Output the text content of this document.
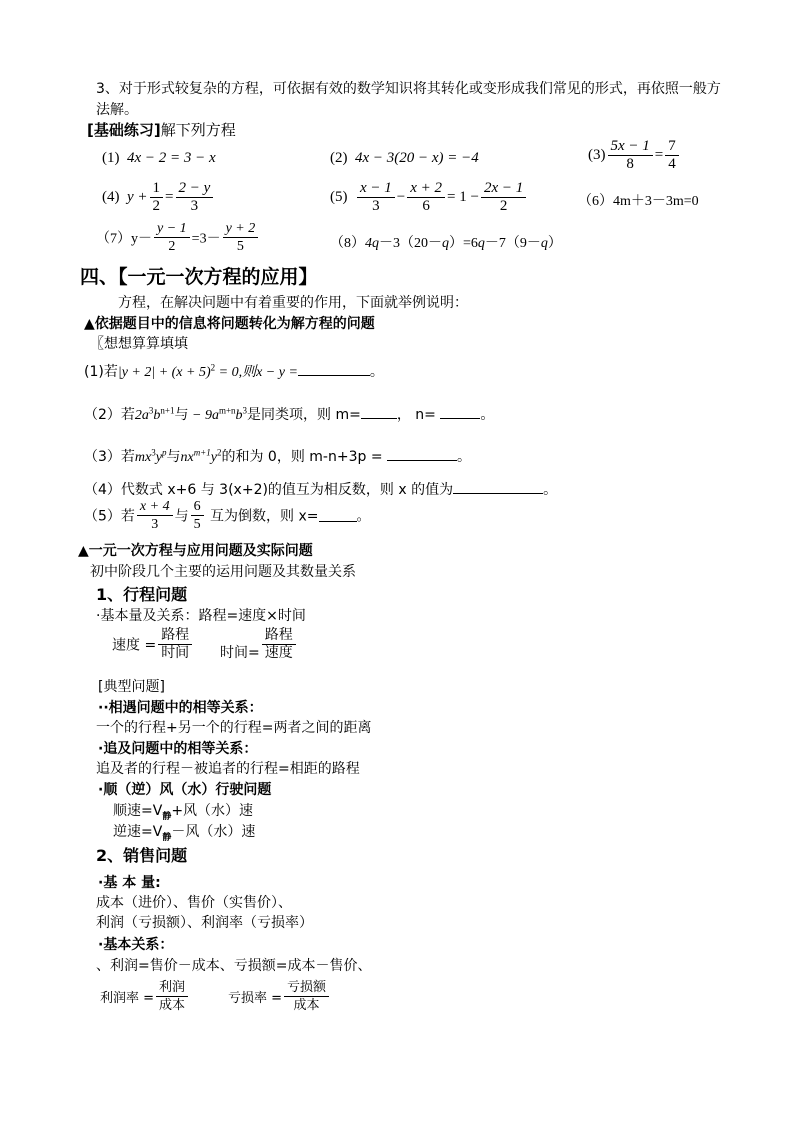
3、对于形式较复杂的方程，可依据有效的数学知识将其转化或变形成我们常见的形式，再依照一般方
法解。
[基础练习]解下列方程
(1) 4x − 2 = 3 − x	(2) 4x − 3(20 − x) = −4	$(3) \frac{5x - 1}{8} = \frac{7}{4}$
(4) $y + \frac{1}{2} = \frac{2 - y}{3}$	$(5) \frac{x - 1}{3} - \frac{x + 2}{6} = 1 - \frac{2x - 1}{2}$	（6）4m＋3－3m=0
$(7)y- \frac{y - 1}{2} =3- \frac{y + 2}{5}$	（8）4q－3（20－q）=6q－7（9－q）
四、【一元一次方程的应用】
方程，在解决问题中有着重要的作用，下面就举例说明：
▲依据题目中的信息将问题转化为解方程的问题
〖想想算算填填
(1)若$|y + 2| + (x + 5)^2 = 0$,则x − y =	。
（2）若$2a^3b^{n+1}$与 − $9a^{m+n}b^3$是同类项，则 m=	， n=	。
（3）若$mx^3y^p$与$nx^{m+1}y^2$的和为 0，则 m-n+3p =	。
（4）代数式 x+6 与 3(x+2)的值互为相反数，则 x 的值为	。
（5）若 $\frac{x + 4}{3}$ 与 $\frac{6}{5}$ 互为倒数，则 x=	。
▲一元一次方程与应用问题及实际问题
初中阶段几个主要的运用问题及其数量关系
1、行程问题
·基本量及关系：路程=速度×时间
速度 = $\frac{\text{路程}}{\text{时间}}$ 时间= $\frac{\text{路程}}{\text{速度}}$
[典型问题]
··相遇问题中的相等关系：
一个的行程+另一个的行程=两者之间的距离
·追及问题中的相等关系：
追及者的行程－被追者的行程=相距的路程
·顺（逆）风（水）行驶问题
顺速$=V_静+$风（水）速
逆速$=V_静-$风（水）速
2、销售问题
·基 本 量:
成本（进价）、售价（实售价）、
利润（亏损额）、利润率（亏损率）
·基本关系：
、利润=售价－成本、亏损额=成本－售价、
利润率 = $\frac{\text{利润}}{\text{成本}}$	亏损率 = $\frac{\text{亏损额}}{\text{成本}}$
